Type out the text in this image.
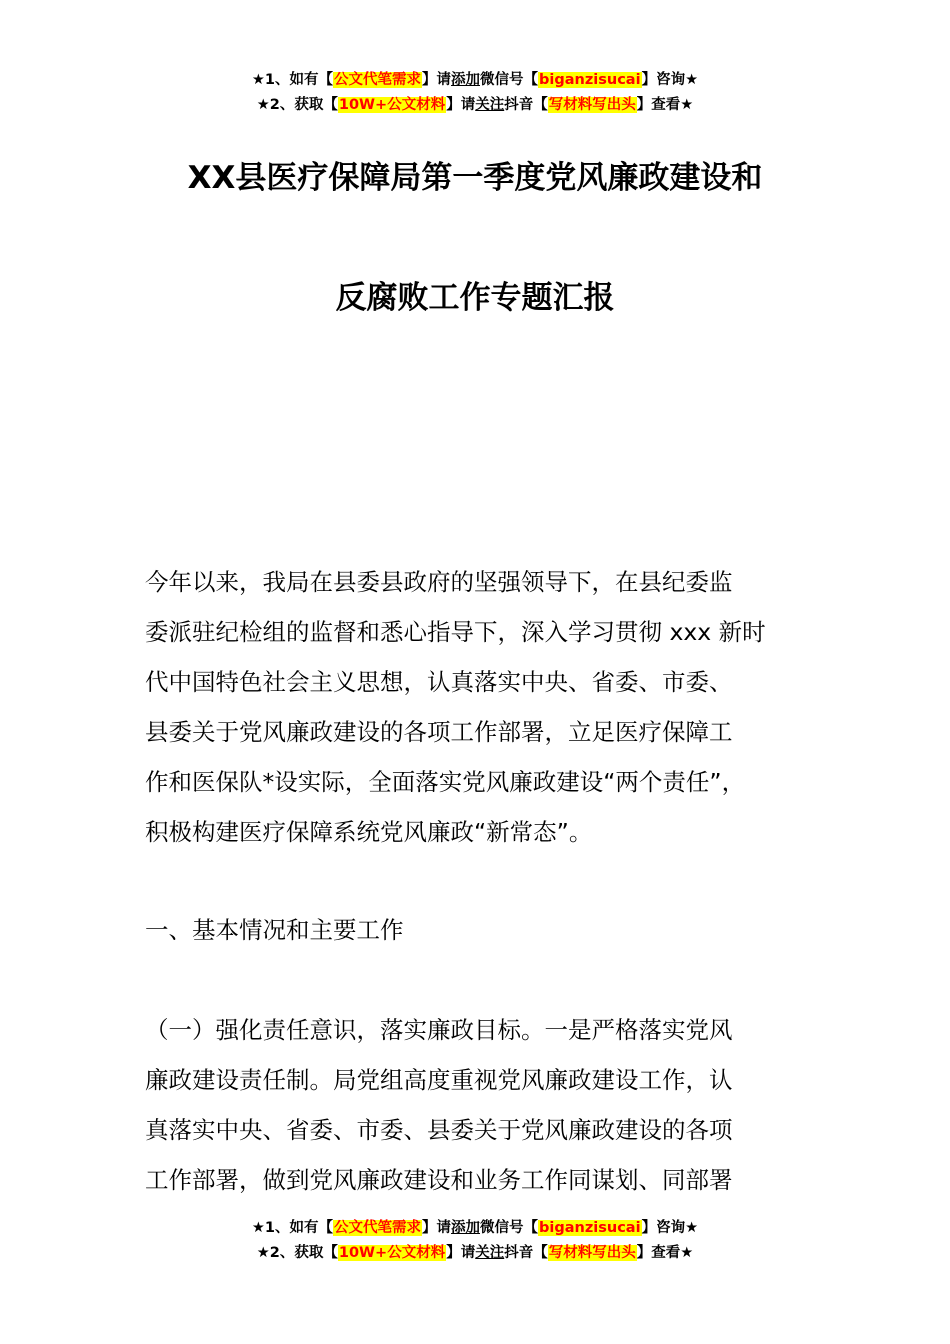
★1、如有【公文代笔需求】请添加微信号【biganzisucai】咨询★
★2、获取【10W+公文材料】请关注抖音【写材料写出头】查看★
XX县医疗保障局第一季度党风廉政建设和
反腐败工作专题汇报

今年以来，我局在县委县政府的坚强领导下，在县纪委监

委派驻纪检组的监督和悉心指导下，深入学习贯彻 xxx 新时

代中国特色社会主义思想，认真落实中央、省委、市委、

县委关于党风廉政建设的各项工作部署，立足医疗保障工

作和医保队*设实际，全面落实党风廉政建设“两个责任”，

积极构建医疗保障系统党风廉政“新常态”。

一、基本情况和主要工作

（一）强化责任意识，落实廉政目标。一是严格落实党风

廉政建设责任制。局党组高度重视党风廉政建设工作，认

真落实中央、省委、市委、县委关于党风廉政建设的各项

工作部署，做到党风廉政建设和业务工作同谋划、同部署

★1、如有【公文代笔需求】请添加微信号【biganzisucai】咨询★
★2、获取【10W+公文材料】请关注抖音【写材料写出头】查看★
